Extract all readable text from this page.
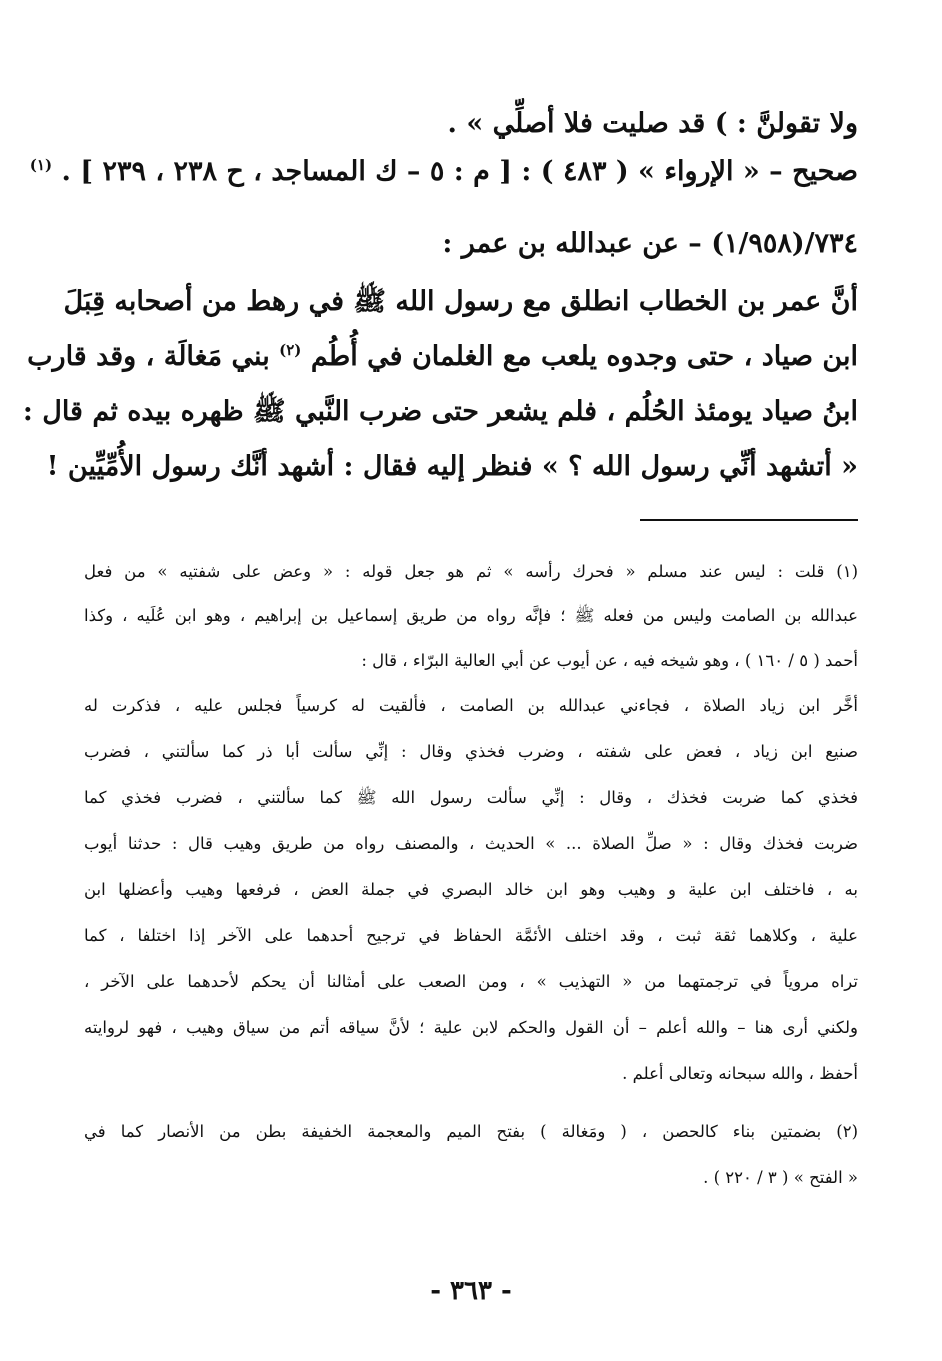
ولا تقولنَّ : ) قد صليت فلا أصلِّي » .
صحيح – « الإرواء » ( ٤٨٣ ) : [ م : ٥ – ك المساجد ، ح ٢٣٨ ، ٢٣٩ ] . $^{(١)}$
٧٣٤/(١/٩٥٨) – عن عبدالله بن عمر :
أنَّ عمر بن الخطاب انطلق مع رسول الله ﷺ في رهط من أصحابه قِبَلَ
ابن صياد ، حتى وجدوه يلعب مع الغلمان في أُطُم $^{(٢)}$ بني مَغالَة ، وقد قارب
ابنُ صياد يومئذ الحُلُم ، فلم يشعر حتى ضرب النَّبي ﷺ ظهره بيده ثم قال :
« أتشهد أنِّي رسول الله ؟ » فنظر إليه فقال : أشهد أنَّك رسول الأُمِّيِّين !
(١) قلت : ليس عند مسلم « فحرك رأسه » ثم هو جعل قوله : « وعض على شفتيه » من فعل
عبدالله بن الصامت وليس من فعله ﷺ ؛ فإنَّه رواه من طريق إسماعيل بن إبراهيم ، وهو ابن عُلَيه ، وكذا
أحمد ( ٥ / ١٦٠ ) ، وهو شيخه فيه ، عن أيوب عن أبي العالية البرّاء ، قال :
أخَّر ابن زياد الصلاة ، فجاءني عبدالله بن الصامت ، فألقيت له كرسياً فجلس عليه ، فذكرت له
صنيع ابن زياد ، فعض على شفته ، وضرب فخذي وقال : إنِّي سألت أبا ذر كما سألتني ، فضرب
فخذي كما ضربت فخذك ، وقال : إنِّي سألت رسول الله ﷺ كما سألتني ، فضرب فخذي كما
ضربت فخذك وقال : « صلِّ الصلاة ... » الحديث ، والمصنف رواه من طريق وهيب قال : حدثنا أيوب
به ، فاختلف ابن علية و وهيب وهو ابن خالد البصري في جملة العض ، فرفعها وهيب وأعضلها ابن
علية ، وكلاهما ثقة ثبت ، وقد اختلف الأئمَّة الحفاظ في ترجيح أحدهما على الآخر إذا اختلفا ، كما
تراه مروياً في ترجمتهما من « التهذيب » ، ومن الصعب على أمثالنا أن يحكم لأحدهما على الآخر ،
ولكني أرى هنا – والله أعلم – أن القول والحكم لابن علية ؛ لأنَّ سياقه أتم من سياق وهيب ، فهو لروايته
أحفظ ، والله سبحانه وتعالى أعلم .
(٢) بضمتين بناء كالحصن ، ( ومَغالة ) بفتح الميم والمعجمة الخفيفة بطن من الأنصار كما في
« الفتح » ( ٣ / ٢٢٠ ) .
- ٣٦٣ -
